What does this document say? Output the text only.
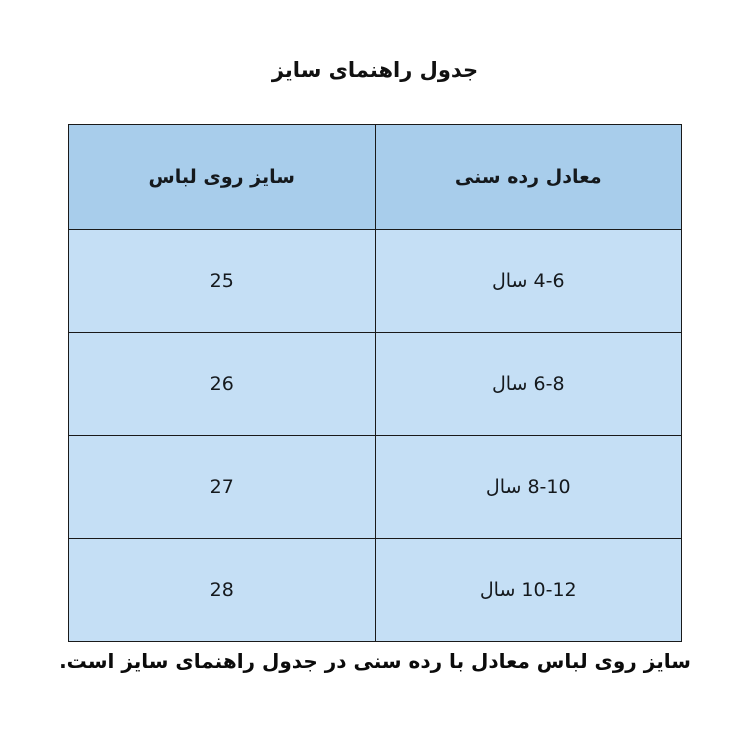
جدول راهنمای سایز
معادل رده سنی	سایز روی لباس
4-6 سال	25
6-8 سال	26
8-10 سال	27
10-12 سال	28
سایز روی لباس معادل با رده سنی در جدول راهنمای سایز است.
